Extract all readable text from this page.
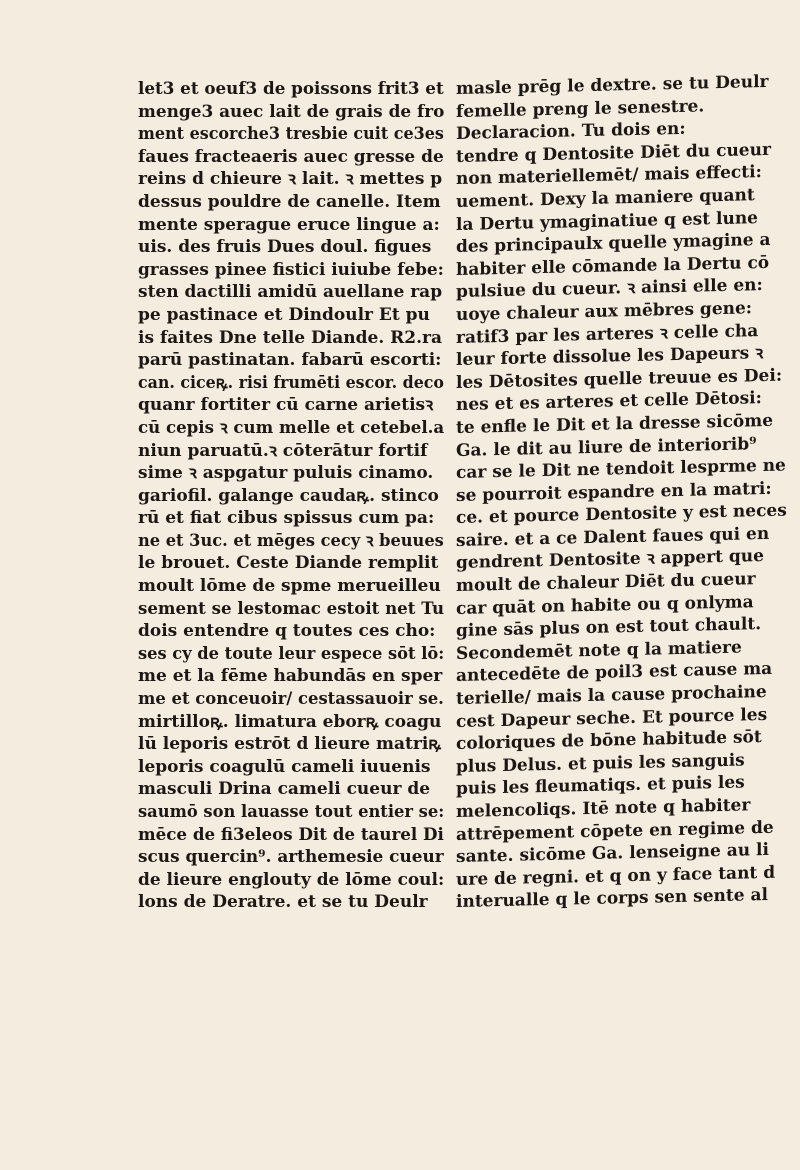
let3 et oeuf3 de poissons frit3 et
menge3 auec lait de grais de fro
ment escorche3 tresbie cuit ce3es
faues fracteaeris auec gresse de
reins d chieure ꝛ lait. ꝛ mettes p
dessus pouldre de canelle. Item
mente sperague eruce lingue a:
uis. des fruis Dues doul. figues
grasses pinee fistici iuiube febe:
sten dactilli amidū auellane rap
pe pastinace et Dindoulr Et pu
is faites Dne telle Diande. R2.ra
parū pastinatan. fabarū escorti:
can. ciceꝶ. risi frumēti escor. deco
quanr fortiter cū carne arietisꝛ
cū cepis ꝛ cum melle et cetebel.a
niun paruatū.ꝛ cōterātur fortif
sime ꝛ aspgatur puluis cinamo.
gariofil. galange caudaꝶ. stinco
rū et fiat cibus spissus cum pa:
ne et 3uc. et mēges cecy ꝛ beuues
le brouet. Ceste Diande remplit
moult lōme de spme merueilleu
sement se lestomac estoit net Tu
dois entendre q toutes ces cho:
ses cy de toute leur espece sōt lō:
me et la fēme habundās en sper
me et conceuoir/ cestassauoir se.
mirtilloꝶ. limatura eborꝶ coagu
lū leporis estrōt d lieure matriꝶ
leporis coagulū cameli iuuenis
masculi Drina cameli cueur de
saumō son lauasse tout entier se:
mēce de fi3eleos Dit de taurel Di
scus quercin⁹. arthemesie cueur
de lieure englouty de lōme coul:
lons de Deratre. et se tu Deulr
masle prēg le dextre. se tu Deulr
femelle preng le senestre.
Declaracion. Tu dois en:
tendre q Dentosite Diēt du cueur
non materiellemēt/ mais effecti:
uement. Dexy la maniere quant
la Dertu ymaginatiue q est lune
des principaulx quelle ymagine a
habiter elle cōmande la Dertu cō
pulsiue du cueur. ꝛ ainsi elle en:
uoye chaleur aux mēbres gene:
ratif3 par les arteres ꝛ celle cha
leur forte dissolue les Dapeurs ꝛ
les Dētosites quelle treuue es Dei:
nes et es arteres et celle Dētosi:
te enfle le Dit et la dresse sicōme
Ga. le dit au liure de interiorib⁹
car se le Dit ne tendoit lesprme ne
se pourroit espandre en la matri:
ce. et pource Dentosite y est neces
saire. et a ce Dalent faues qui en
gendrent Dentosite ꝛ appert que
moult de chaleur Diēt du cueur
car quāt on habite ou q onlyma
gine sās plus on est tout chault.
Secondemēt note q la matiere
antecedēte de poil3 est cause ma
terielle/ mais la cause prochaine
cest Dapeur seche. Et pource les
coloriques de bōne habitude sōt
plus Delus. et puis les sanguis
puis les fleumatiqs. et puis les
melencoliqs. Itē note q habiter
attrēpement cōpete en regime de
sante. sicōme Ga. lenseigne au li
ure de regni. et q on y face tant d
interualle q le corps sen sente al
